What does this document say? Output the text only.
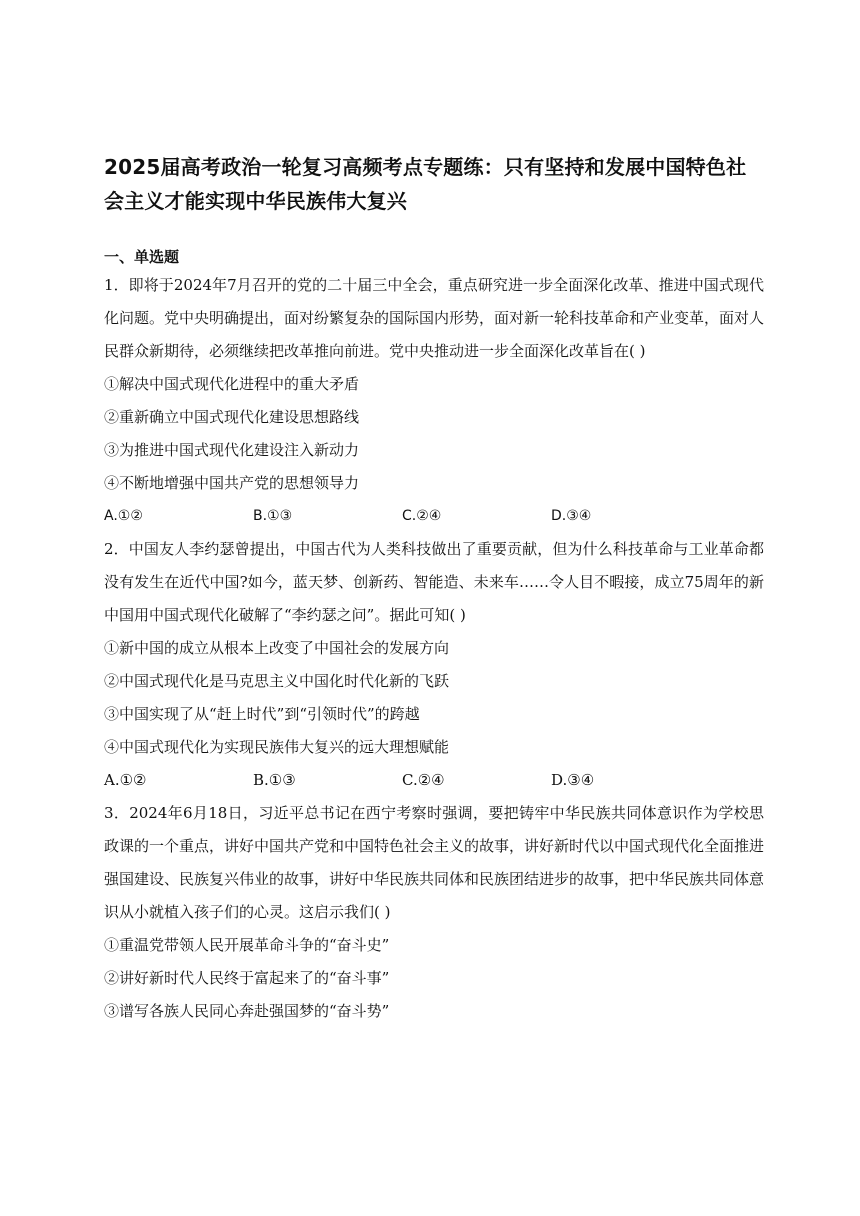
2025届高考政治一轮复习高频考点专题练：只有坚持和发展中国特色社会主义才能实现中华民族伟大复兴
一、单选题

1．即将于2024年7月召开的党的二十届三中全会，重点研究进一步全面深化改革、推进中国式现代化问题。党中央明确提出，面对纷繁复杂的国际国内形势，面对新一轮科技革命和产业变革，面对人民群众新期待，必须继续把改革推向前进。党中央推动进一步全面深化改革旨在( )

①解决中国式现代化进程中的重大矛盾

②重新确立中国式现代化建设思想路线

③为推进中国式现代化建设注入新动力

④不断地增强中国共产党的思想领导力

A.①②	B.①③	C.②④	D.③④

2．中国友人李约瑟曾提出，中国古代为人类科技做出了重要贡献，但为什么科技革命与工业革命都没有发生在近代中国?如今，蓝天梦、创新药、智能造、未来车……令人目不暇接，成立75周年的新中国用中国式现代化破解了“李约瑟之问”。据此可知( )

①新中国的成立从根本上改变了中国社会的发展方向

②中国式现代化是马克思主义中国化时代化新的飞跃

③中国实现了从“赶上时代”到“引领时代”的跨越

④中国式现代化为实现民族伟大复兴的远大理想赋能

A.①②	B.①③	C.②④	D.③④

3．2024年6月18日，习近平总书记在西宁考察时强调，要把铸牢中华民族共同体意识作为学校思政课的一个重点，讲好中国共产党和中国特色社会主义的故事，讲好新时代以中国式现代化全面推进强国建设、民族复兴伟业的故事，讲好中华民族共同体和民族团结进步的故事，把中华民族共同体意识从小就植入孩子们的心灵。这启示我们( )

①重温党带领人民开展革命斗争的“奋斗史”

②讲好新时代人民终于富起来了的“奋斗事”

③谱写各族人民同心奔赴强国梦的“奋斗势”
